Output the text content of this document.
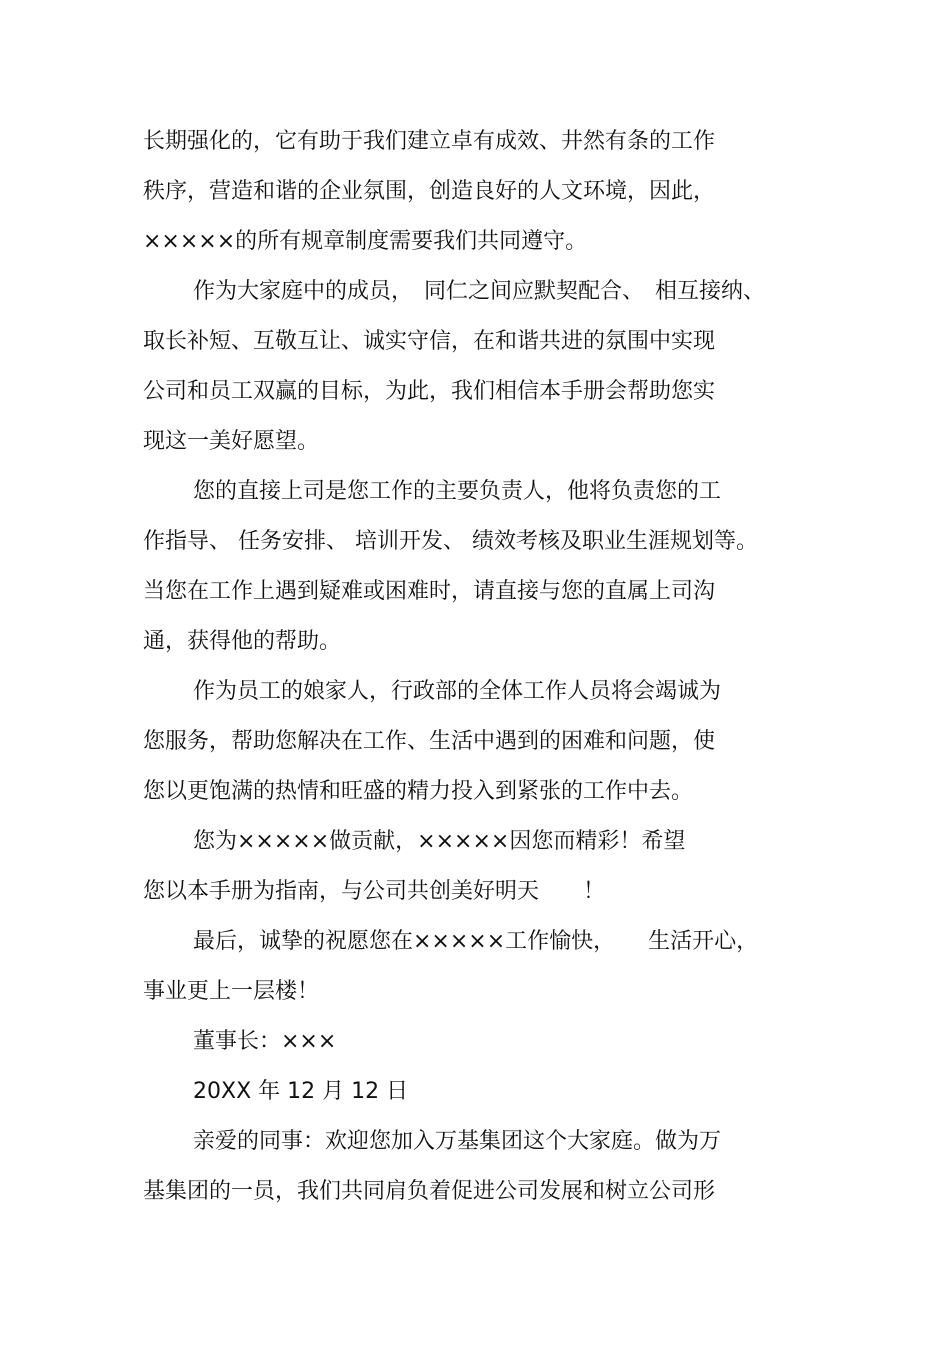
长期强化的，它有助于我们建立卓有成效、井然有条的工作
秩序，营造和谐的企业氛围，创造良好的人文环境，因此，
×××××的所有规章制度需要我们共同遵守。
作为大家庭中的成员，　同仁之间应默契配合、　相互接纳、
取长补短、互敬互让、诚实守信，在和谐共进的氛围中实现
公司和员工双赢的目标，为此，我们相信本手册会帮助您实
现这一美好愿望。
您的直接上司是您工作的主要负责人，他将负责您的工
作指导、 任务安排、 培训开发、 绩效考核及职业生涯规划等。
当您在工作上遇到疑难或困难时，请直接与您的直属上司沟
通，获得他的帮助。
作为员工的娘家人，行政部的全体工作人员将会竭诚为
您服务，帮助您解决在工作、生活中遇到的困难和问题，使
您以更饱满的热情和旺盛的精力投入到紧张的工作中去。
您为×××××做贡献，×××××因您而精彩！希望
您以本手册为指南，与公司共创美好明天　　！
最后，诚挚的祝愿您在×××××工作愉快，　　生活开心，
事业更上一层楼！
董事长：×××
20XX 年 12 月 12 日
亲爱的同事：欢迎您加入万基集团这个大家庭。做为万
基集团的一员，我们共同肩负着促进公司发展和树立公司形
